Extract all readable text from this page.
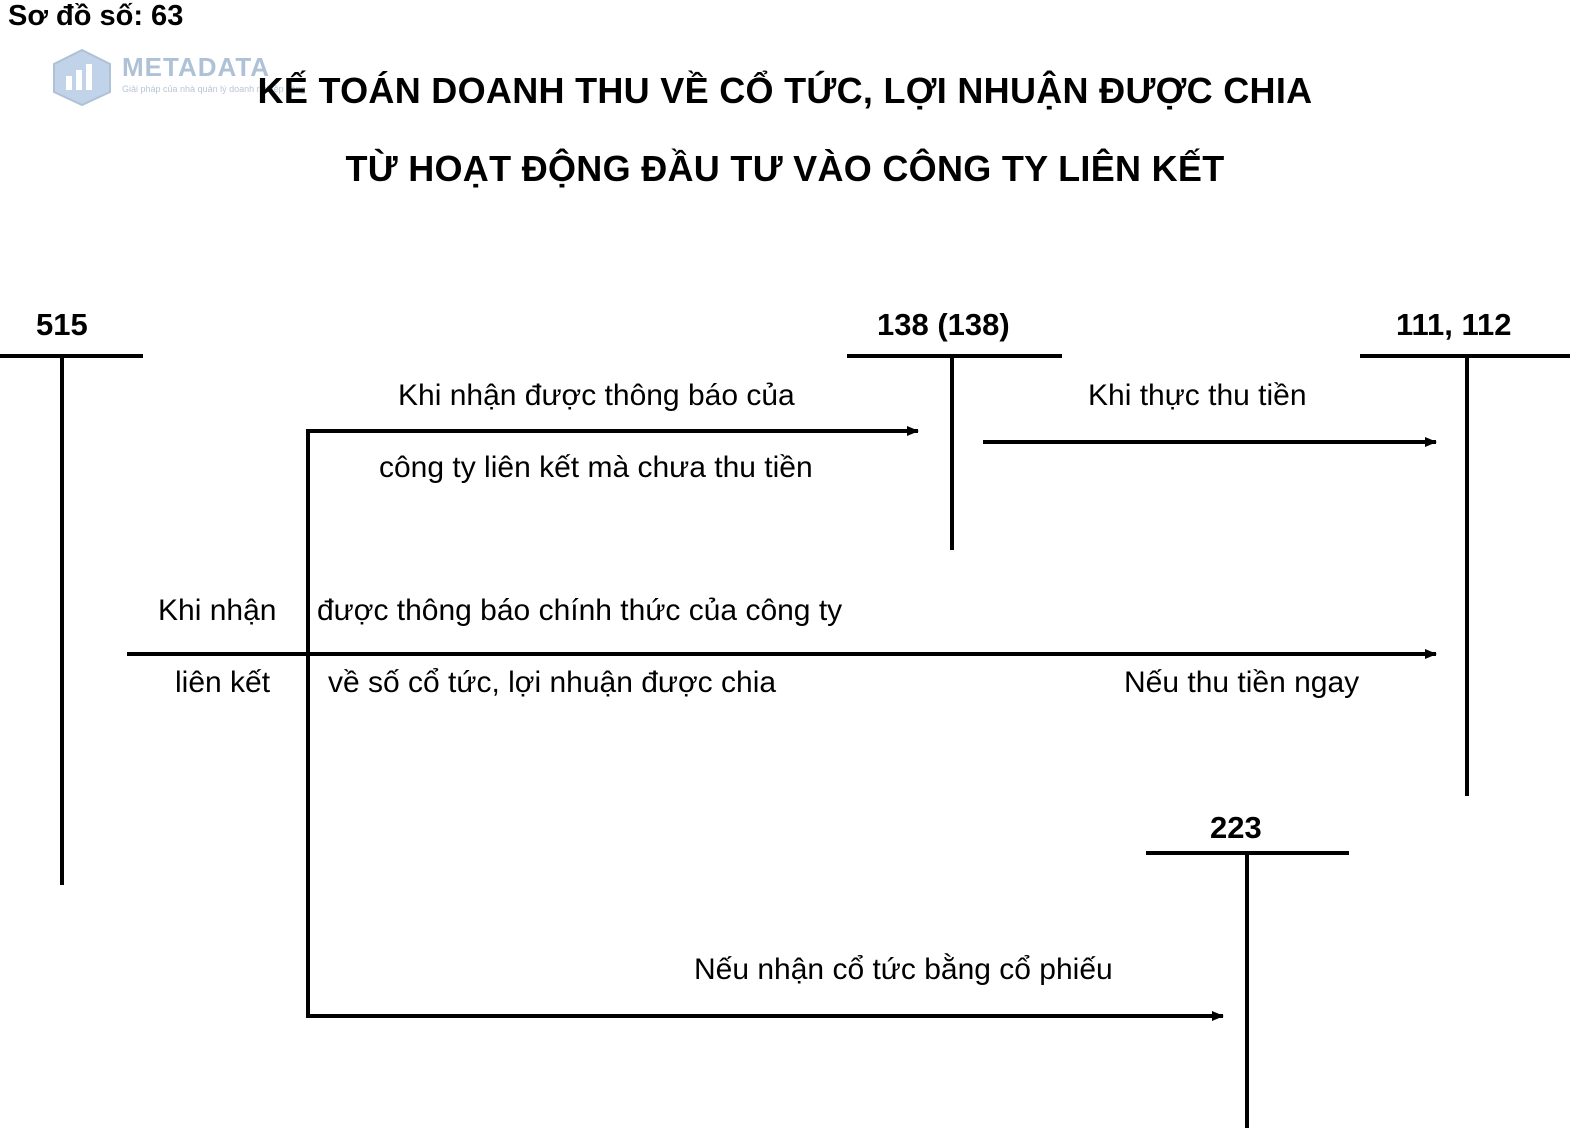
METADATA
Giải pháp của nhà quản lý doanh nghiệp công
Sơ đồ số: 63
KẾ TOÁN DOANH THU VỀ CỔ TỨC, LỢI NHUẬN ĐƯỢC CHIA
TỪ HOẠT ĐỘNG ĐẦU TƯ VÀO CÔNG TY LIÊN KẾT
515	138 (138)	111, 112
223
Khi nhận được thông báo của
công ty liên kết mà chưa thu tiền
Khi thực thu tiền
Khi nhận được thông báo chính thức của công ty
liên kết về số cổ tức, lợi nhuận được chia	Nếu thu tiền ngay
Nếu nhận cổ tức bằng cổ phiếu
